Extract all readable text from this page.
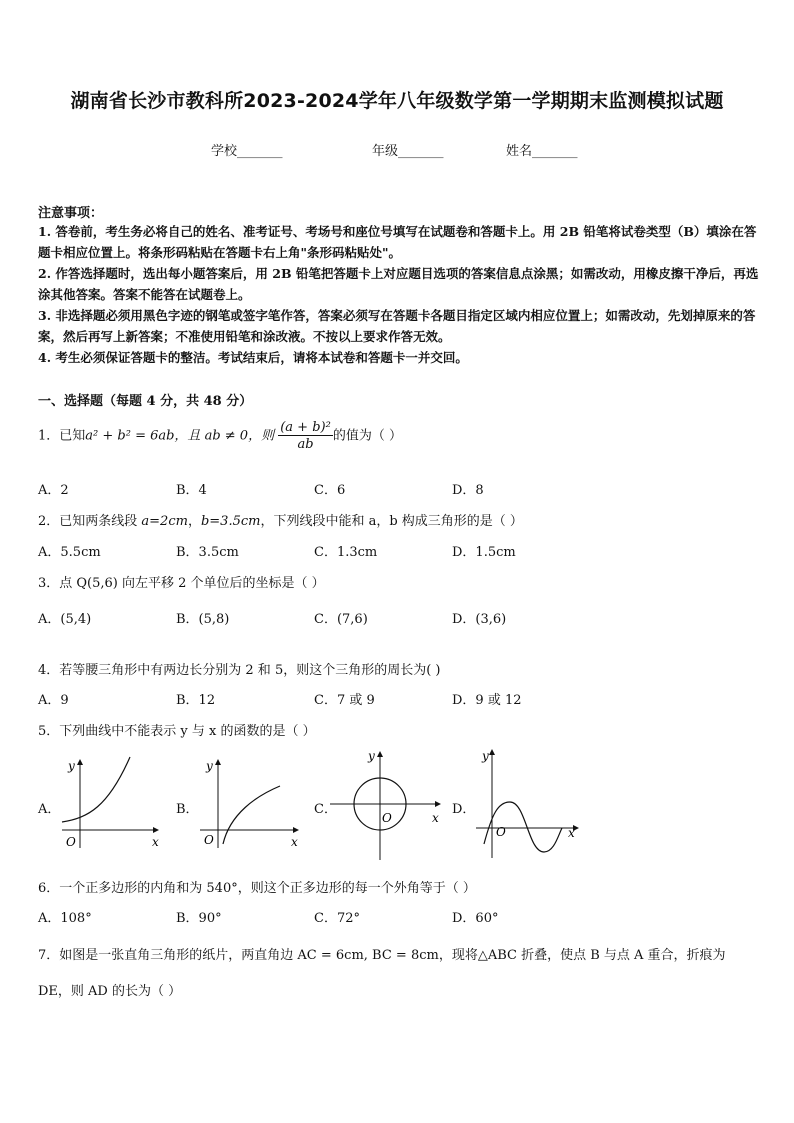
湖南省长沙市教科所2023-2024学年八年级数学第一学期期末监测模拟试题
学校_______	年级_______	姓名_______
注意事项：
1. 答卷前，考生务必将自己的姓名、准考证号、考场号和座位号填写在试题卷和答题卡上。用 2B 铅笔将试卷类型（B）填涂在答题卡相应位置上。将条形码粘贴在答题卡右上角"条形码粘贴处"。
2. 作答选择题时，选出每小题答案后，用 2B 铅笔把答题卡上对应题目选项的答案信息点涂黑；如需改动，用橡皮擦干净后，再选涂其他答案。答案不能答在试题卷上。
3. 非选择题必须用黑色字迹的钢笔或签字笔作答，答案必须写在答题卡各题目指定区域内相应位置上；如需改动，先划掉原来的答案，然后再写上新答案；不准使用铅笔和涂改液。不按以上要求作答无效。
4. 考生必须保证答题卡的整洁。考试结束后，请将本试卷和答题卡一并交回。
一、选择题（每题 4 分，共 48 分）
1．已知a² + b² = 6ab，且 ab ≠ 0，则 $\frac{\text{(a + b)²}}{ab}$ 的值为（ ）
A．2	B．4	C．6	D．8
2．已知两条线段 a=2cm，b=3.5cm，下列线段中能和 a，b 构成三角形的是（ ）
A．5.5cm	B．3.5cm	C．1.3cm	D．1.5cm
3．点 Q(5,6) 向左平移 2 个单位后的坐标是（ ）
A．(5,4)	B．(5,8)	C．(7,6)	D．(3,6)
4．若等腰三角形中有两边长分别为 2 和 5，则这个三角形的周长为( )
A．9	B．12	C．7 或 9	D．9 或 12
5．下列曲线中不能表示 y 与 x 的函数的是（ ）
A．	B．	C．	D．
y
x
O
y
x
O
y
x
O
y
x
O
6．一个正多边形的内角和为 540°，则这个正多边形的每一个外角等于（ ）
A．108°	B．90°	C．72°	D．60°
7．如图是一张直角三角形的纸片，两直角边 AC = 6cm, BC = 8cm，现将△ABC 折叠，使点 B 与点 A 重合，折痕为
DE，则 AD 的长为（ ）
